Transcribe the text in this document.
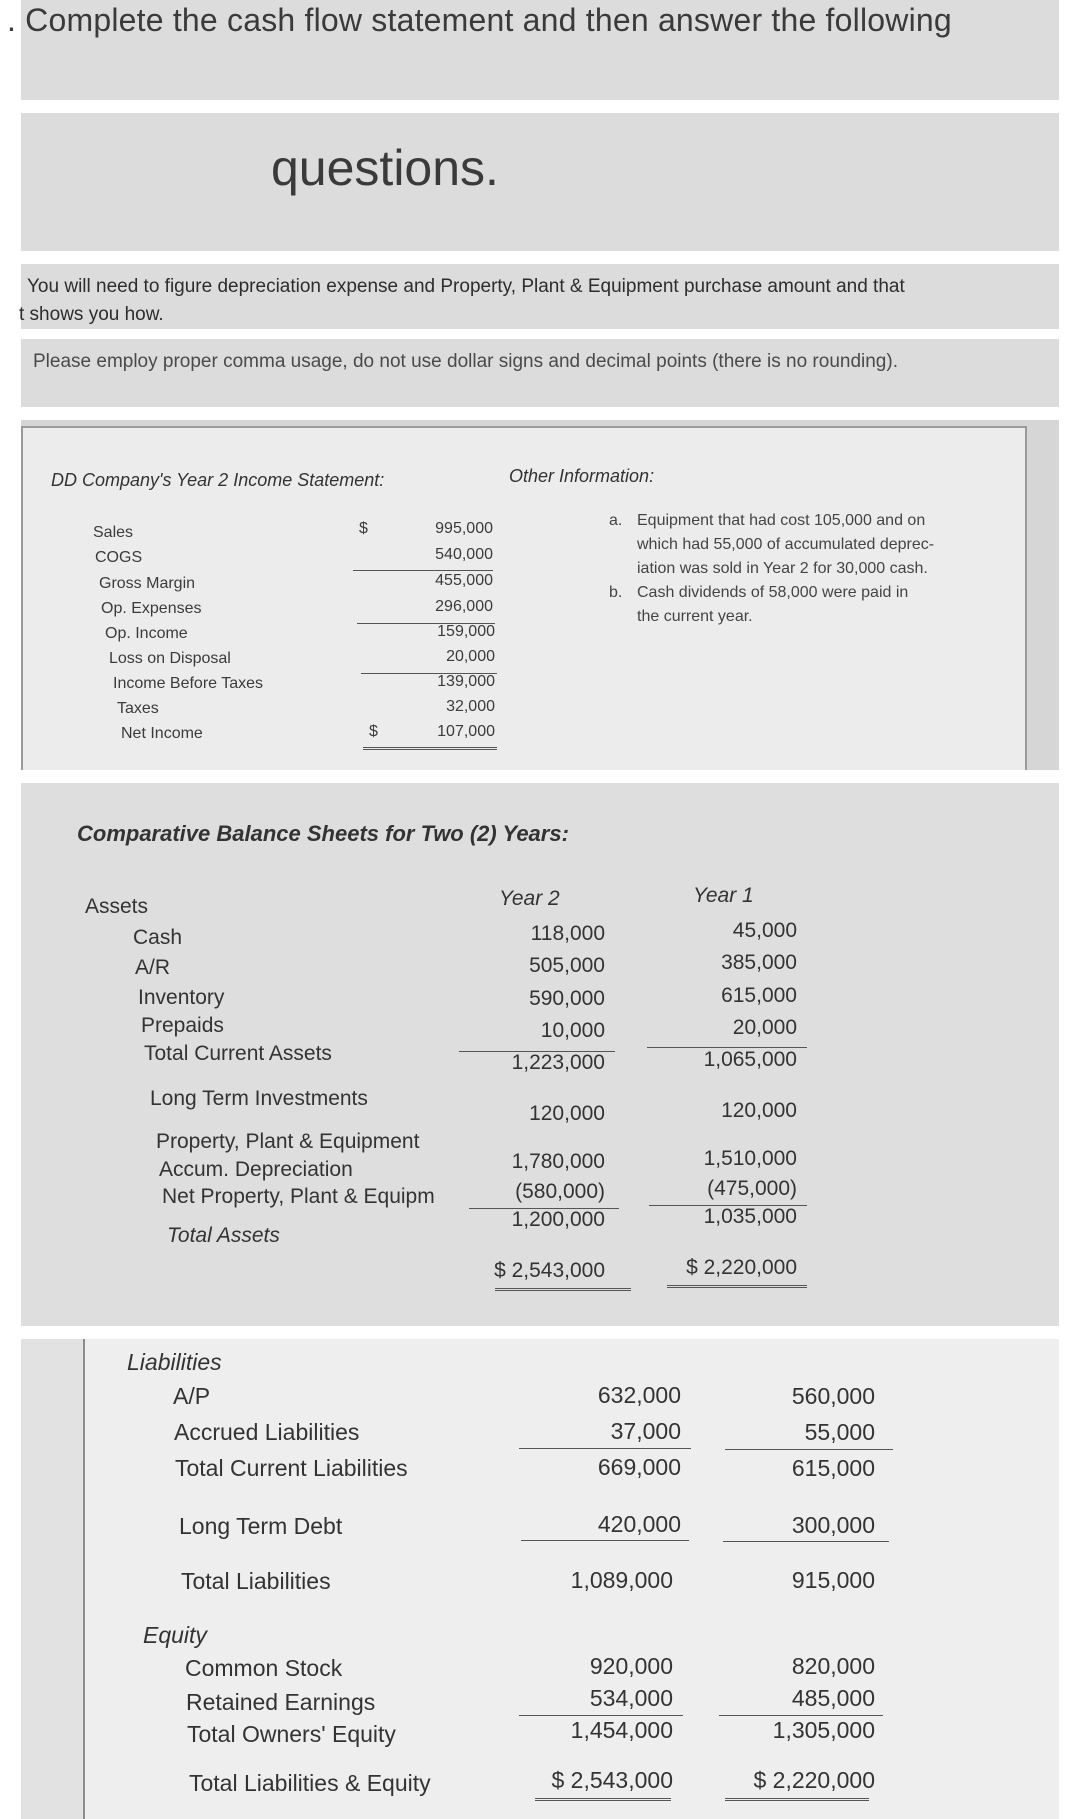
. Complete the cash flow statement and then answer the following
questions.
You will need to figure depreciation expense and Property, Plant & Equipment purchase amount and that
t shows you how.
Please employ proper comma usage, do not use dollar signs and decimal points (there is no rounding).
DD Company's Year 2 Income Statement:	Other Information:
Sales
COGS
Gross Margin
Op. Expenses
Op. Income
Loss on Disposal
Income Before Taxes
Taxes
Net Income
$
$
995,000
540,000
455,000
296,000
159,000
20,000
139,000
32,000
107,000
a. Equipment that had cost 105,000 and on
which had 55,000 of accumulated deprec-
iation was sold in Year 2 for 30,000 cash.
b. Cash dividends of 58,000 were paid in
the current year.
Comparative Balance Sheets for Two (2) Years:
Year 2	Year 1
Assets
Cash
A/R
Inventory
Prepaids
Total Current Assets
Long Term Investments
Property, Plant & Equipment
Accum. Depreciation
Net Property, Plant & Equipm
Total Assets
118,000
505,000
590,000
10,000
1,223,000
120,000
1,780,000
(580,000)
1,200,000
$ 2,543,000
45,000
385,000
615,000
20,000
1,065,000
120,000
1,510,000
(475,000)
1,035,000
$ 2,220,000
Liabilities
A/P
Accrued Liabilities
Total Current Liabilities
Long Term Debt
Total Liabilities
Equity
Common Stock
Retained Earnings
Total Owners' Equity
Total Liabilities & Equity
632,000
37,000
669,000
420,000
1,089,000
920,000
534,000
1,454,000
$ 2,543,000
560,000
55,000
615,000
300,000
915,000
820,000
485,000
1,305,000
$ 2,220,000
